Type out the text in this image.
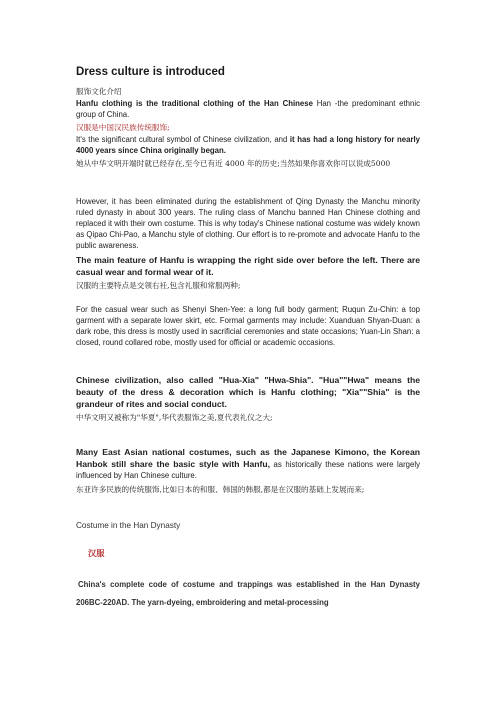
Dress culture is introduced

服饰文化介绍

Hanfu clothing is the traditional clothing of the Han Chinese Han -the predominant ethnic group of China.

汉服是中国汉民族传统服饰;

It's the significant cultural symbol of Chinese civilization, and it has had a long history for nearly 4000 years since China originally began.

她从中华文明开端时就已经存在,至今已有近 4000 年的历史;当然如果你喜欢你可以说成5000

However, it has been eliminated during the establishment of Qing Dynasty the Manchu minority ruled dynasty in about 300 years. The ruling class of Manchu banned Han Chinese clothing and replaced it with their own costume. This is why today's Chinese national costume was widely known as Qipao Chi-Pao, a Manchu style of clothing. Our effort is to re-promote and advocate Hanfu to the public awareness.

The main feature of Hanfu is wrapping the right side over before the left. There are casual wear and formal wear of it.

汉服的主要特点是交领右衽,包含礼服和常服两种;

For the casual wear such as Shenyi Shen-Yee: a long full body garment; Ruqun Zu-Chin: a top garment with a separate lower skirt, etc. Formal garments may include: Xuanduan Shyan-Duan: a dark robe, this dress is mostly used in sacrificial ceremonies and state occasions; Yuan-Lin Shan: a closed, round collared robe, mostly used for official or academic occasions.

Chinese civilization, also called "Hua-Xia" "Hwa-Shia". "Hua""Hwa" means the beauty of the dress & decoration which is Hanfu clothing; "Xia""Shia" is the grandeur of rites and social conduct.

中华文明又被称为"华夏",华代表服饰之美,夏代表礼仪之大;

Many East Asian national costumes, such as the Japanese Kimono, the Korean Hanbok still share the basic style with Hanfu, as historically these nations were largely influenced by Han Chinese culture.

东亚许多民族的传统服饰,比如日本的和服、韩国的韩服,都是在汉服的基础上发展而来;

Costume in the Han Dynasty

汉服

China's complete code of costume and trappings was established in the Han Dynasty 206BC-220AD. The yarn-dyeing, embroidering and metal-processing
